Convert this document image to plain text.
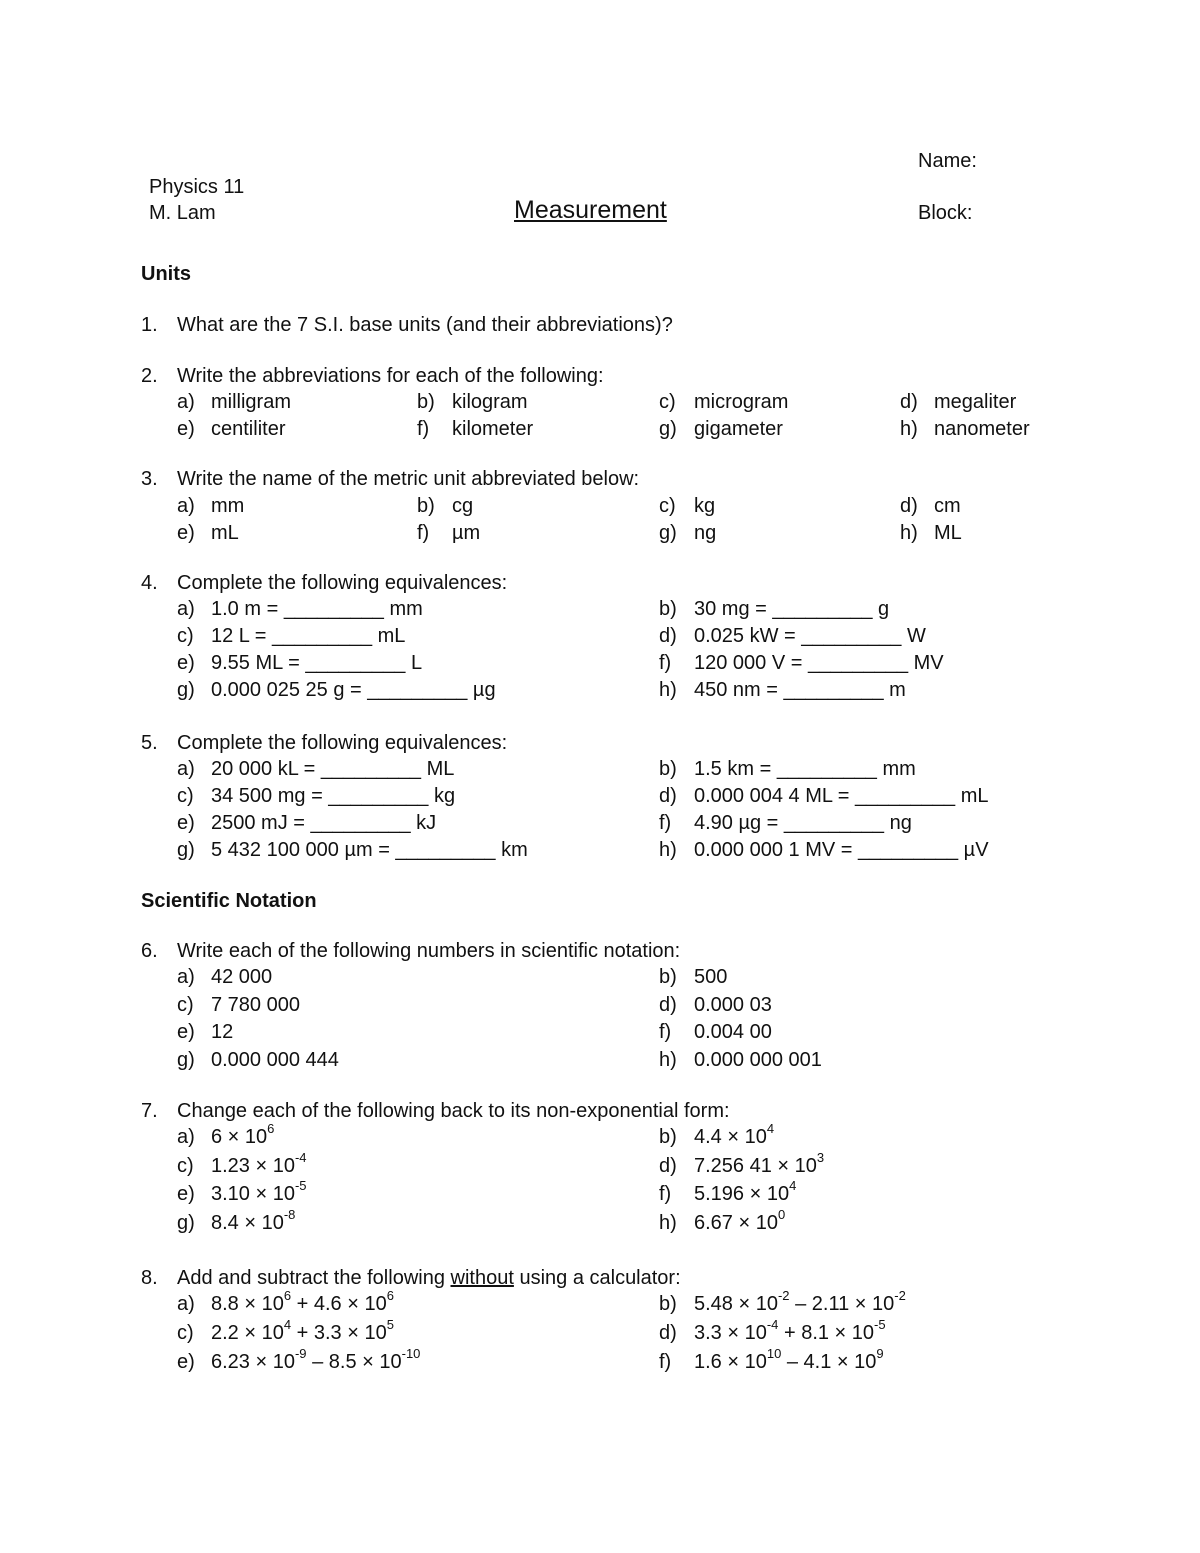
Name:
Physics 11
M. Lam	Measurement	Block:
Units
1. What are the 7 S.I. base units (and their abbreviations)?
2. Write the abbreviations for each of the following:
a) milligram	b) kilogram	c) microgram	d) megaliter
e) centiliter	f) kilometer	g) gigameter	h) nanometer
3. Write the name of the metric unit abbreviated below:
a) mm	b) cg	c) kg	d) cm
e) mL	f) µm	g) ng	h) ML
4. Complete the following equivalences:
a) 1.0 m = _________ mm	b) 30 mg = _________ g
c) 12 L = _________ mL	d) 0.025 kW = _________ W
e) 9.55 ML = _________ L	f) 120 000 V = _________ MV
g) 0.000 025 25 g = _________ µg	h) 450 nm = _________ m
5. Complete the following equivalences:
a) 20 000 kL = _________ ML	b) 1.5 km = _________ mm
c) 34 500 mg = _________ kg	d) 0.000 004 4 ML = _________ mL
e) 2500 mJ = _________ kJ	f) 4.90 µg = _________ ng
g) 5 432 100 000 µm = _________ km	h) 0.000 000 1 MV = _________ µV
Scientific Notation
6. Write each of the following numbers in scientific notation:
a) 42 000	b) 500
c) 7 780 000	d) 0.000 03
e) 12	f) 0.004 00
g) 0.000 000 444	h) 0.000 000 001
7. Change each of the following back to its non-exponential form:
a) $6 \times 10^6$	b) $4.4 \times 10^4$
c) $1.23 \times 10^{-4}$	d) 7.256 $41 \times 10^3$
e) $3.10 \times 10^{-5}$	f) $5.196 \times 10^4$
g) $8.4 \times 10^{-8}$	h) $6.67 \times 10^0$
8. Add and subtract the following without using a calculator:
a) $8.8 \times 10^6 + 4.6 \times 10^6$	b) $5.48 \times 10^{-2} - 2.11 \times 10^{-2}$
c) $2.2 \times 10^4 + 3.3 \times 10^5$	d) $3.3 \times 10^{-4} + 8.1 \times 10^{-5}$
e) $6.23 \times 10^{-9} - 8.5 \times 10^{-10}$	f) $1.6 \times 10^{10} - 4.1 \times 10^9$
